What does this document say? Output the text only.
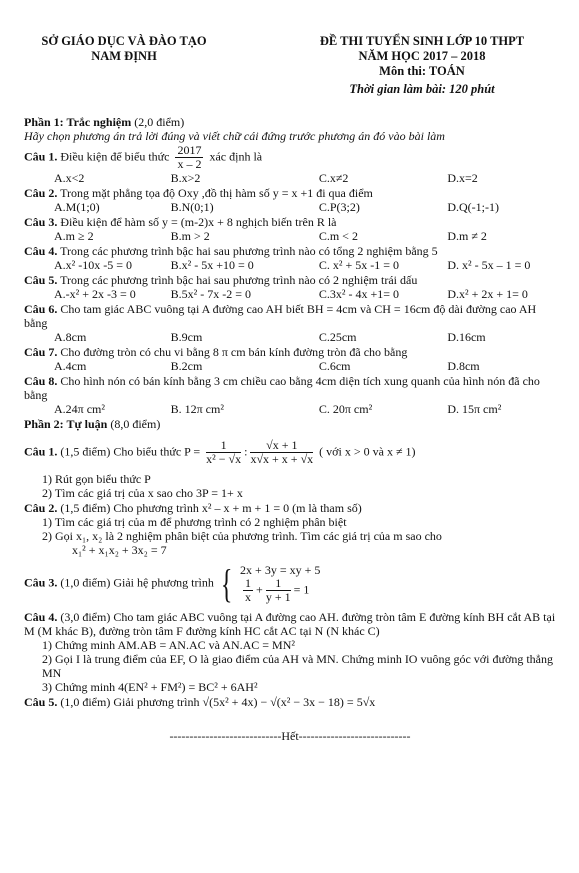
SỞ GIÁO DỤC VÀ ĐÀO TẠO
NAM ĐỊNH
ĐỀ THI TUYỂN SINH LỚP 10 THPT
NĂM HỌC 2017 – 2018
Môn thi: TOÁN
Thời gian làm bài: 120 phút
Phần 1: Trắc nghiệm (2,0 điểm)
Hãy chọn phương án trả lời đúng và viết chữ cái đứng trước phương án đó vào bài làm
Câu 1. Điều kiện để biểu thức $\frac{2017}{x - 2}$ xác định là
A.x<2	B.x>2	C.x≠2	D.x=2
Câu 2. Trong mặt phẳng tọa độ Oxy ,đồ thị hàm số y = x +1 đi qua điểm
A.M(1;0)	B.N(0;1)	C.P(3;2)	D.Q(-1;-1)
Câu 3. Điều kiện để hàm số y = (m-2)x + 8 nghịch biến trên R là
A.m ≥ 2	B.m > 2	C.m < 2	D.m ≠ 2
Câu 4. Trong các phương trình bậc hai sau phương trình nào có tổng 2 nghiệm bằng 5
A.x² -10x -5 = 0	B.x² - 5x +10 = 0	C. x² + 5x -1 = 0	D. x² - 5x – 1 = 0
Câu 5. Trong các phương trình bậc hai sau phương trình nào có 2 nghiệm trái dấu
A.-x² + 2x -3 = 0	B.5x² - 7x -2 = 0	C.3x² - 4x +1= 0	D.x² + 2x + 1= 0
Câu 6. Cho tam giác ABC vuông tại A đường cao AH biết BH = 4cm và CH = 16cm độ dài đường cao AH bằng
A.8cm	B.9cm	C.25cm	D.16cm
Câu 7. Cho đường tròn có chu vi bằng 8 π cm bán kính đường tròn đã cho bằng
A.4cm	B.2cm	C.6cm	D.8cm
Câu 8. Cho hình nón có bán kính bằng 3 cm chiều cao bằng 4cm diện tích xung quanh của hình nón đã cho bằng
A.24π cm²	B. 12π cm²	C. 20π cm²	D. 15π cm²
Phần 2: Tự luận (8,0 điểm)
Câu 1. (1,5 điểm) Cho biểu thức $P = \frac{1}{\text{x² − √x}}$ : $\frac{√x + 1}{x√x + x + √x}$ ( với x > 0 và x ≠ 1)
1) Rút gọn biểu thức P
2) Tìm các giá trị của x sao cho 3P = 1+ x
Câu 2. (1,5 điểm) Cho phương trình x² – x + m + 1 = 0 (m là tham số)
1) Tìm các giá trị của m để phương trình có 2 nghiệm phân biệt
2) Gọi x₁, x₂ là 2 nghiệm phân biệt của phương trình. Tìm các giá trị của m sao cho
x₁² + x₁x₂ + 3x₂ = 7
Câu 3. (1,0 điểm) Giải hệ phương trình { 2x + 3y = xy + 5
$\frac{1}{x} + \frac{1}{y + 1} = 1$
Câu 4. (3,0 điểm) Cho tam giác ABC vuông tại A đường cao AH. đường tròn tâm E đường kính BH cắt AB tại M (M khác B), đường tròn tâm F đường kính HC cắt AC tại N (N khác C)
1) Chứng minh AM.AB = AN.AC và AN.AC = MN²
2) Gọi I là trung điểm của EF, O là giao điểm của AH và MN. Chứng minh IO vuông góc với đường thẳng MN
3) Chứng minh 4(EN² + FM²) = BC² + 6AH²
Câu 5. (1,0 điểm) Giải phương trình √(5x² + 4x) − √(x² − 3x − 18) = 5√x
----------------------------Hết----------------------------
